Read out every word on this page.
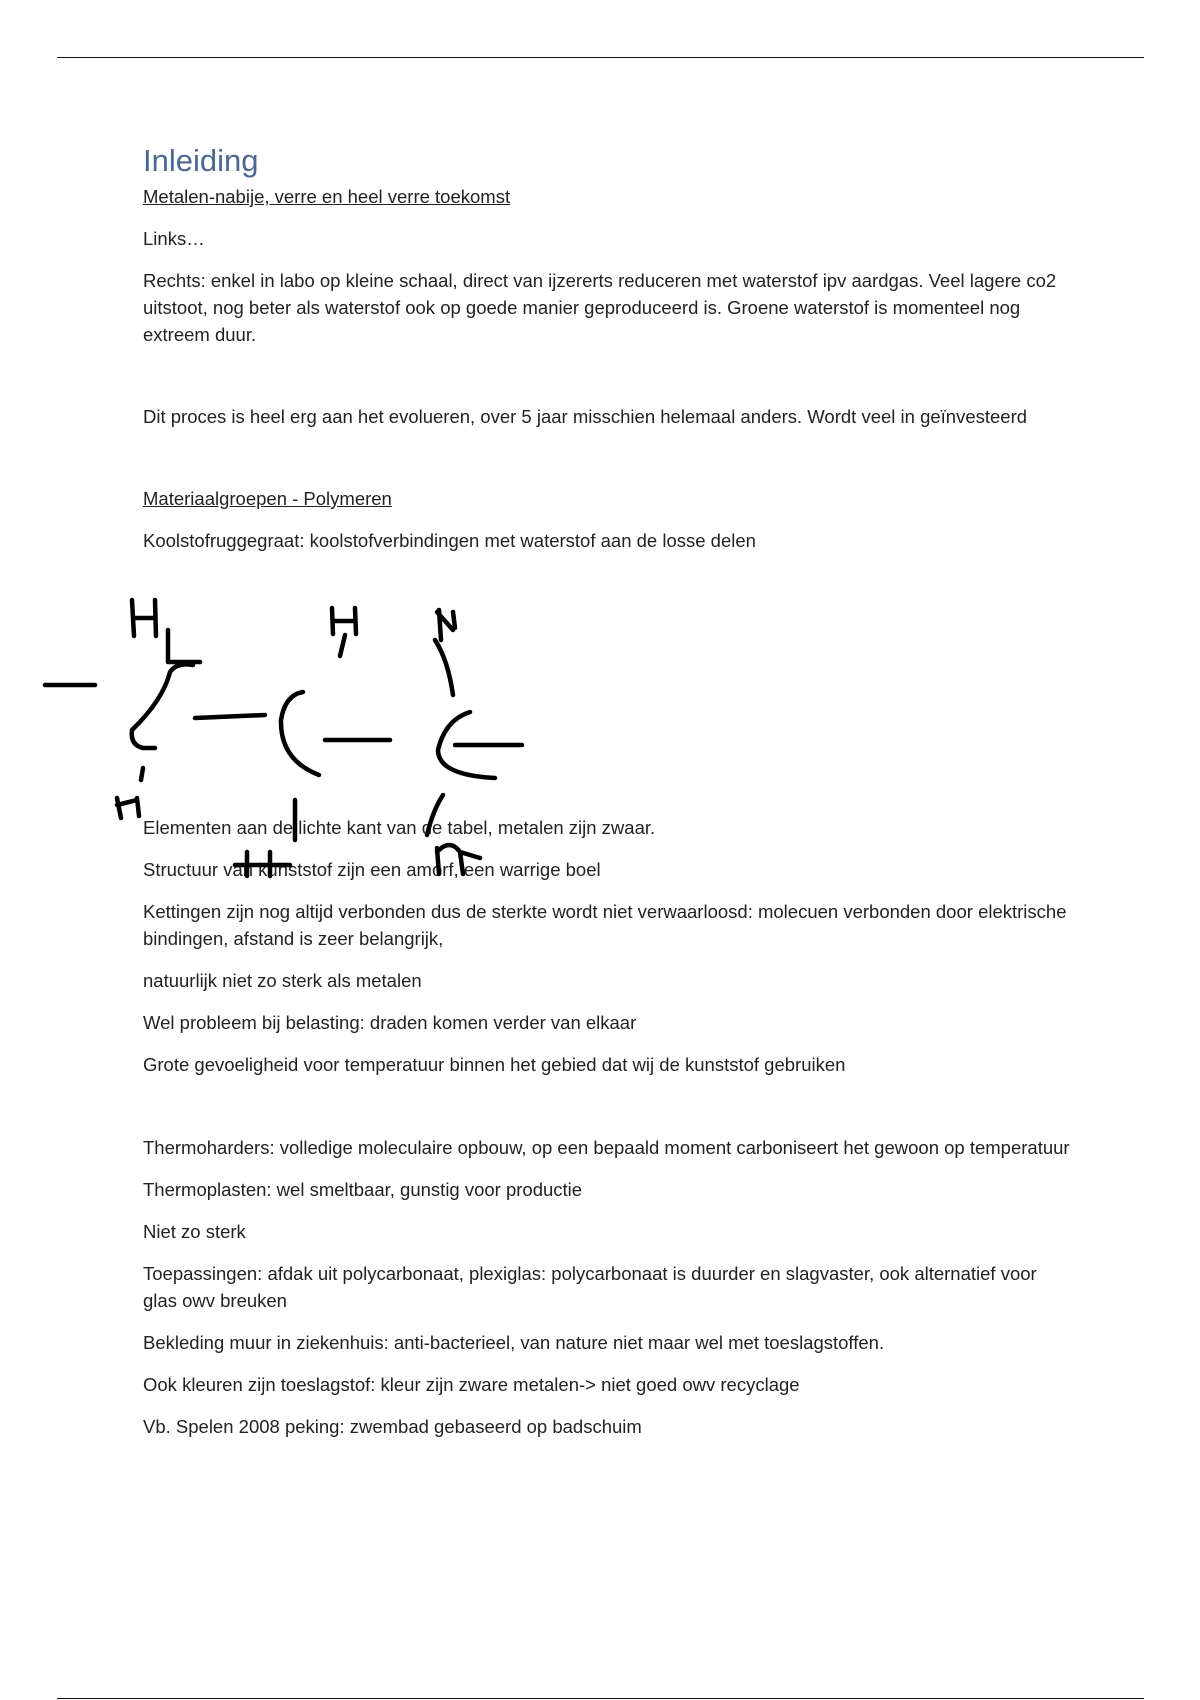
Inleiding

Metalen-nabije, verre en heel verre toekomst

Links…

Rechts: enkel in labo op kleine schaal, direct van ijzererts reduceren met waterstof ipv aardgas. Veel lagere co2 uitstoot, nog beter als waterstof ook op goede manier geproduceerd is. Groene waterstof is momenteel nog extreem duur.

Dit proces is heel erg aan het evolueren, over 5 jaar misschien helemaal anders. Wordt veel in geïnvesteerd

Materiaalgroepen - Polymeren

Koolstofruggegraat: koolstofverbindingen met waterstof aan de losse delen

Elementen aan de lichte kant van de tabel, metalen zijn zwaar.

Structuur van kunststof zijn een amorf, een warrige boel

Kettingen zijn nog altijd verbonden dus de sterkte wordt niet verwaarloosd: molecuen verbonden door elektrische bindingen, afstand is zeer belangrijk,

natuurlijk niet zo sterk als metalen

Wel probleem bij belasting: draden komen verder van elkaar

Grote gevoeligheid voor temperatuur binnen het gebied dat wij de kunststof gebruiken

Thermoharders: volledige moleculaire opbouw, op een bepaald moment carboniseert het gewoon op temperatuur

Thermoplasten: wel smeltbaar, gunstig voor productie

Niet zo sterk

Toepassingen: afdak uit polycarbonaat, plexiglas: polycarbonaat is duurder en slagvaster, ook alternatief voor glas owv breuken

Bekleding muur in ziekenhuis: anti-bacterieel, van nature niet maar wel met toeslagstoffen.

Ook kleuren zijn toeslagstof: kleur zijn zware metalen-> niet goed owv recyclage

Vb. Spelen 2008 peking: zwembad gebaseerd op badschuim
